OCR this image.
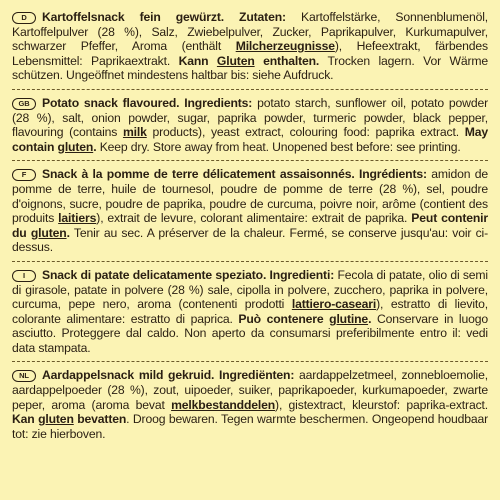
D Kartoffelsnack fein gewürzt. Zutaten: Kartoffelstärke, Sonnenblumenöl, Kartoffelpulver (28 %), Salz, Zwiebelpulver, Zucker, Paprikapulver, Kurkumapulver, schwarzer Pfeffer, Aroma (enthält Milcherzeugnisse), Hefeextrakt, färbendes Lebensmittel: Paprikaextrakt. Kann Gluten enthalten. Trocken lagern. Vor Wärme schützen. Ungeöffnet mindestens haltbar bis: siehe Aufdruck.

GB Potato snack flavoured. Ingredients: potato starch, sunflower oil, potato powder (28 %), salt, onion powder, sugar, paprika powder, turmeric powder, black pepper, flavouring (contains milk products), yeast extract, colouring food: paprika extract. May contain gluten. Keep dry. Store away from heat. Unopened best before: see printing.

F Snack à la pomme de terre délicatement assaisonnés. Ingrédients: amidon de pomme de terre, huile de tournesol, poudre de pomme de terre (28 %), sel, poudre d'oignons, sucre, poudre de paprika, poudre de curcuma, poivre noir, arôme (contient des produits laitiers), extrait de levure, colorant alimentaire: extrait de paprika. Peut contenir du gluten. Tenir au sec. A préserver de la chaleur. Fermé, se conserve jusqu'au: voir ci-dessus.

I Snack di patate delicatamente speziato. Ingredienti: Fecola di patate, olio di semi di girasole, patate in polvere (28 %) sale, cipolla in polvere, zucchero, paprika in polvere, curcuma, pepe nero, aroma (contenenti prodotti lattiero-caseari), estratto di lievito, colorante alimentare: estratto di paprica. Può contenere glutine. Conservare in luogo asciutto. Proteggere dal caldo. Non aperto da consumarsi preferibilmente entro il: vedi data stampata.

NL Aardappelsnack mild gekruid. Ingrediënten: aardappelzetmeel, zonnebloemolie, aardappelpoeder (28 %), zout, uipoeder, suiker, paprikapoeder, kurkumapoeder, zwarte peper, aroma (aroma bevat melkbestanddelen), gistextract, kleurstof: paprika-extract. Kan gluten bevatten. Droog bewaren. Tegen warmte beschermen. Ongeopend houdbaar tot: zie hierboven.
